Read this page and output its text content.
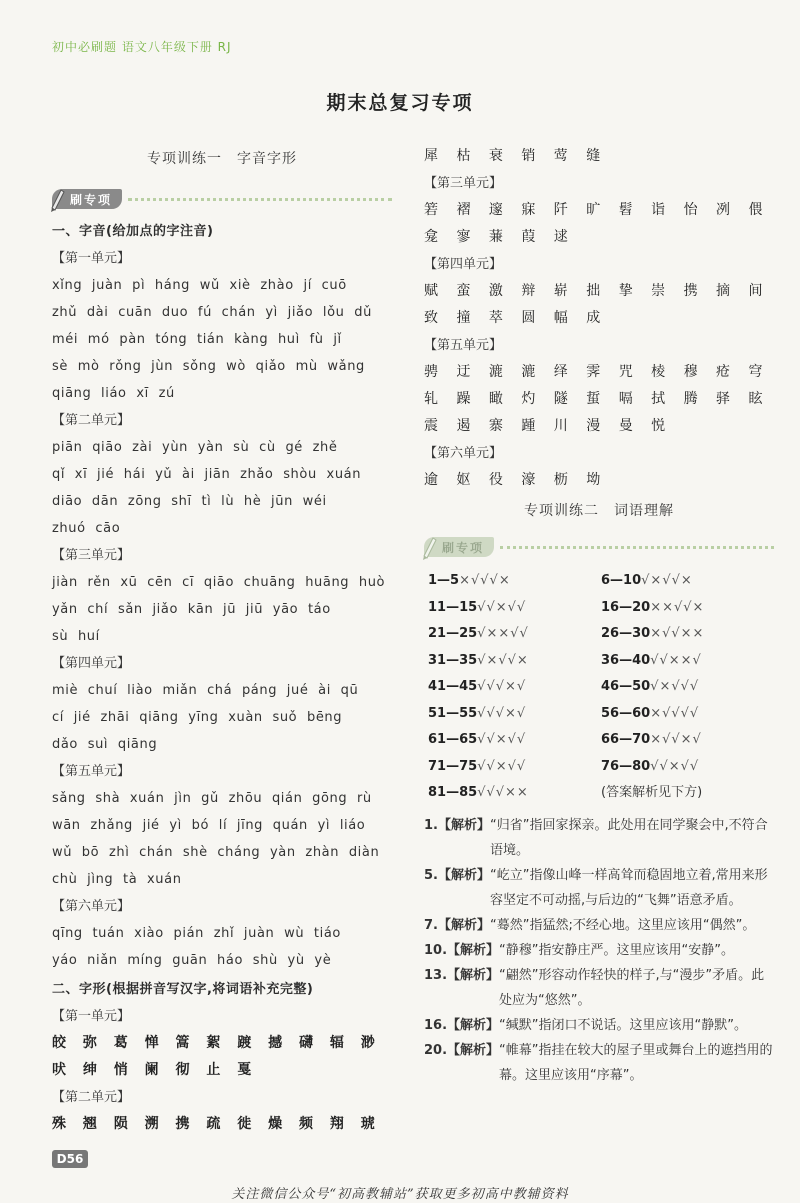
初中必刷题 语文八年级下册 RJ
期末总复习专项
专项训练一　字音字形
刷专项
一、字音(给加点的字注音)
【第一单元】
xǐng juàn pì háng wǔ xiè zhào jí cuō
zhǔ dài cuān duo fú chán yì jiǎo lǒu dǔ
méi mó pàn tóng tián kàng huì fù jǐ
sè mò rǒng jùn sǒng wò qiǎo mù wǎng
qiāng liáo xī zú
【第二单元】
piān qiāo zài yùn yàn sù cù gé zhě
qǐ xī jié hái yǔ ài jiān zhǎo shòu xuán
diāo dān zōng shī tì lù hè jūn wéi
zhuó cāo
【第三单元】
jiàn rěn xū cēn cī qiāo chuāng huāng huò
yǎn chí sǎn jiǎo kān jū jiū yāo táo
sù huí
【第四单元】
miè chuí liào miǎn chá páng jué ài qū
cí jié zhāi qiāng yīng xuàn suǒ bēng
dǎo suì qiāng
【第五单元】
sǎng shà xuán jìn gǔ zhōu qián gōng rù
wān zhǎng jié yì bó lí jīng quán yì liáo
wǔ bō zhì chán shè cháng yàn zhàn diàn
chù jìng tà xuán
【第六单元】
qīng tuán xiào pián zhǐ juàn wù tiáo
yáo niǎn míng guān háo shù yù yè
二、字形(根据拼音写汉字,将词语补充完整)
【第一单元】
皎 弥 葛 惮 篙 絮 踱 撼 礴 辐 渺
吠 绅 悄 阑 彻 止 戛
【第二单元】
殊 翘 陨 溯 携 疏 徙 燥 频 翔 琥
犀 枯 衰 销 莺 缝
【第三单元】
箬 褶 邃 寐 阡 旷 髫 诣 怡 冽 偎
龛 寥 蒹 葭 逑
【第四单元】
赋 蛮 激 辩 崭 拙 挚 崇 携 摘 间
致 撞 萃 圆 幅 成
【第五单元】
骋 迂 漉 漉 绎 霁 咒 棱 穆 疮 穹
轧 躁 瞰 灼 隧 蜇 嗝 拭 腾 驿 眩
震 遏 寨 踵 川 漫 曼 悦
【第六单元】
逾 妪 役 濠 枥 坳
专项训练二　词语理解
刷专项
1—5×√√√×	6—10√×√√×
11—15√√×√√	16—20××√√×
21—25√××√√	26—30×√√××
31—35√×√√×	36—40√√××√
41—45√√√×√	46—50√×√√√
51—55√√√×√	56—60×√√√√
61—65√√×√√	66—70×√√×√
71—75√√×√√	76—80√√×√√
81—85√√√××	(答案解析见下方)
1. 【解析】 “归省”指回家探亲。此处用在同学聚会中,不符合语境。
5. 【解析】 “屹立”指像山峰一样高耸而稳固地立着,常用来形容坚定不可动摇,与后边的“飞舞”语意矛盾。
7. 【解析】 “蓦然”指猛然;不经心地。这里应该用“偶然”。
10. 【解析】 “静穆”指安静庄严。这里应该用“安静”。
13. 【解析】 “翩然”形容动作轻快的样子,与“漫步”矛盾。此处应为“悠然”。
16. 【解析】 “缄默”指闭口不说话。这里应该用“静默”。
20. 【解析】 “帷幕”指挂在较大的屋子里或舞台上的遮挡用的幕。这里应该用“序幕”。
D56
关注微信公众号“初高教辅站”获取更多初高中教辅资料
